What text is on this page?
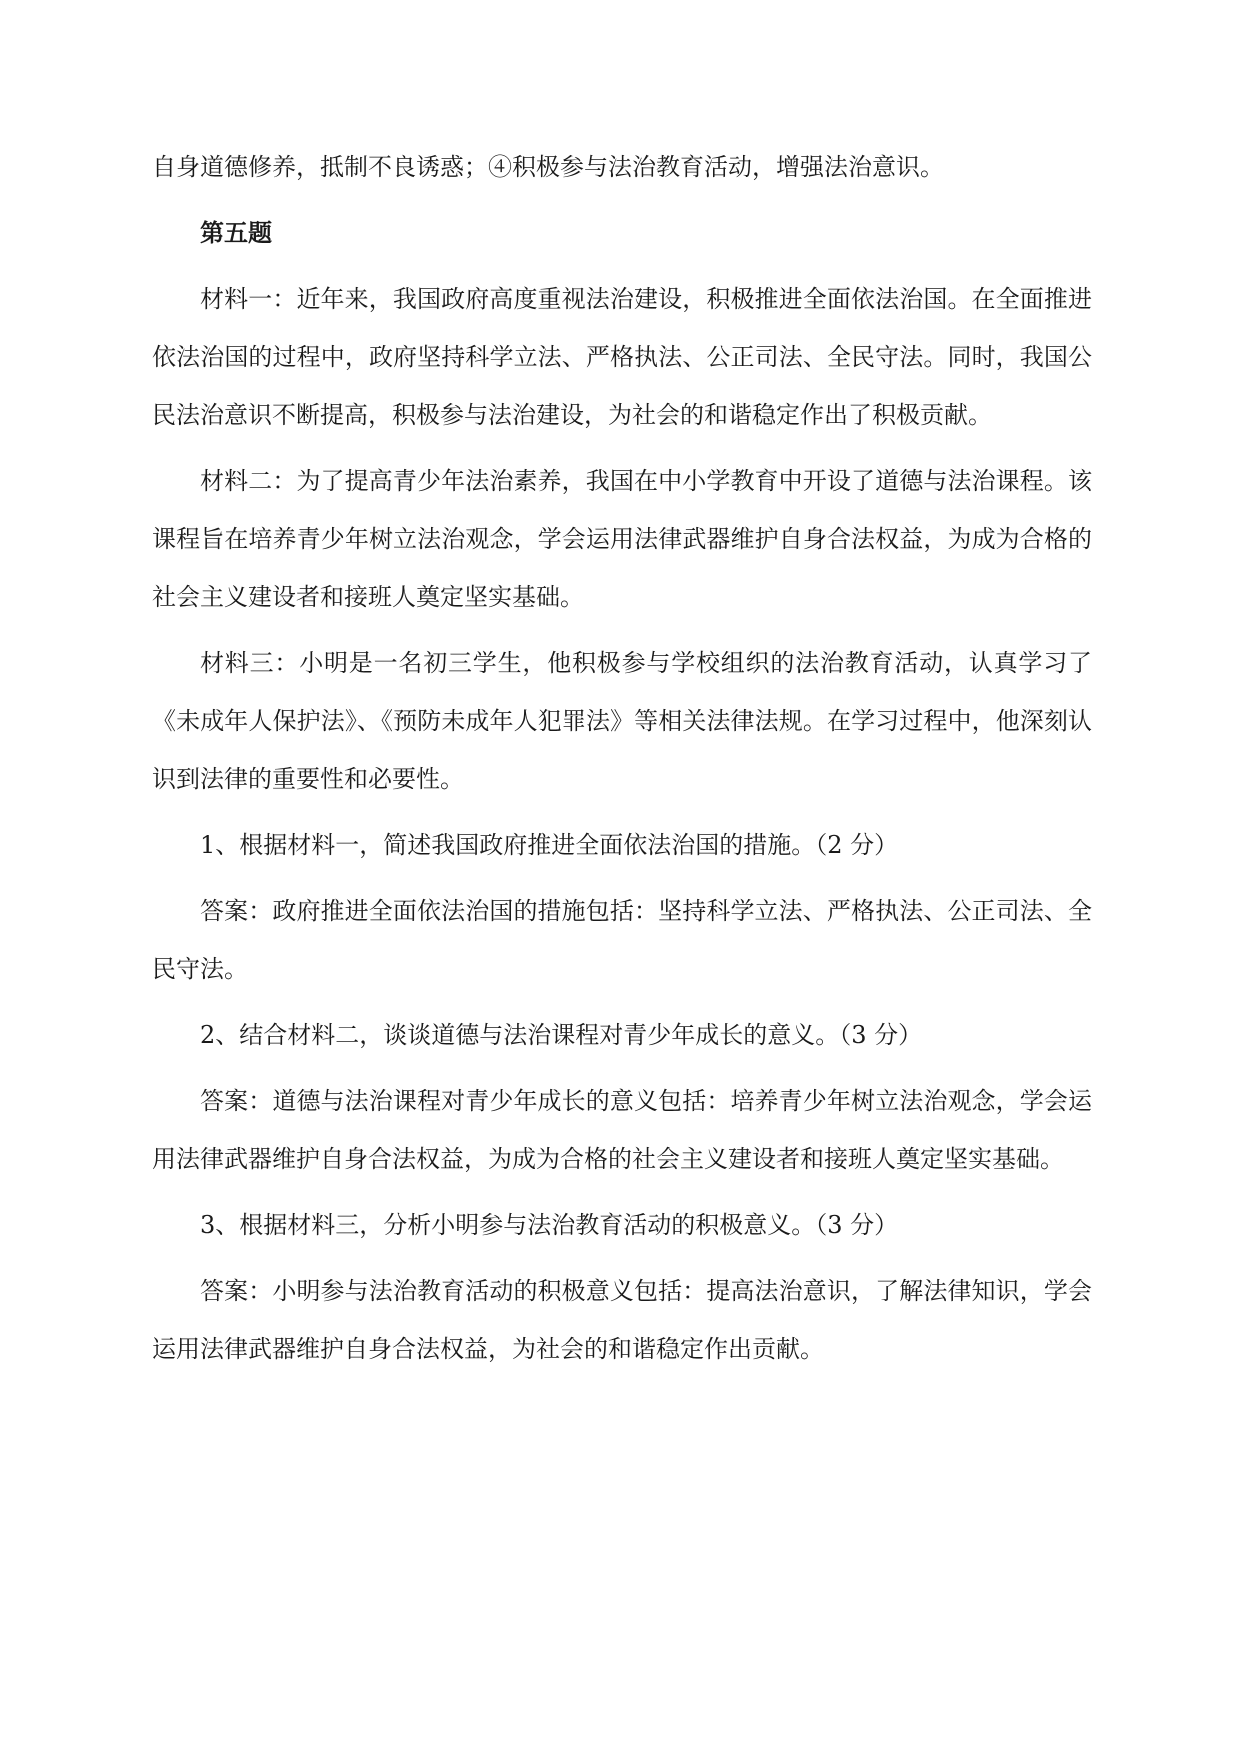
自身道德修养，抵制不良诱惑；④积极参与法治教育活动，增强法治意识。

第五题

材料一：近年来，我国政府高度重视法治建设，积极推进全面依法治国。在全面推进依法治国的过程中，政府坚持科学立法、严格执法、公正司法、全民守法。同时，我国公民法治意识不断提高，积极参与法治建设，为社会的和谐稳定作出了积极贡献。

材料二：为了提高青少年法治素养，我国在中小学教育中开设了道德与法治课程。该课程旨在培养青少年树立法治观念，学会运用法律武器维护自身合法权益，为成为合格的社会主义建设者和接班人奠定坚实基础。

材料三：小明是一名初三学生，他积极参与学校组织的法治教育活动，认真学习了《未成年人保护法》、《预防未成年人犯罪法》等相关法律法规。在学习过程中，他深刻认识到法律的重要性和必要性。

1、根据材料一，简述我国政府推进全面依法治国的措施。（2 分）

答案：政府推进全面依法治国的措施包括：坚持科学立法、严格执法、公正司法、全民守法。

2、结合材料二，谈谈道德与法治课程对青少年成长的意义。（3 分）

答案：道德与法治课程对青少年成长的意义包括：培养青少年树立法治观念，学会运用法律武器维护自身合法权益，为成为合格的社会主义建设者和接班人奠定坚实基础。

3、根据材料三，分析小明参与法治教育活动的积极意义。（3 分）

答案：小明参与法治教育活动的积极意义包括：提高法治意识，了解法律知识，学会运用法律武器维护自身合法权益，为社会的和谐稳定作出贡献。
